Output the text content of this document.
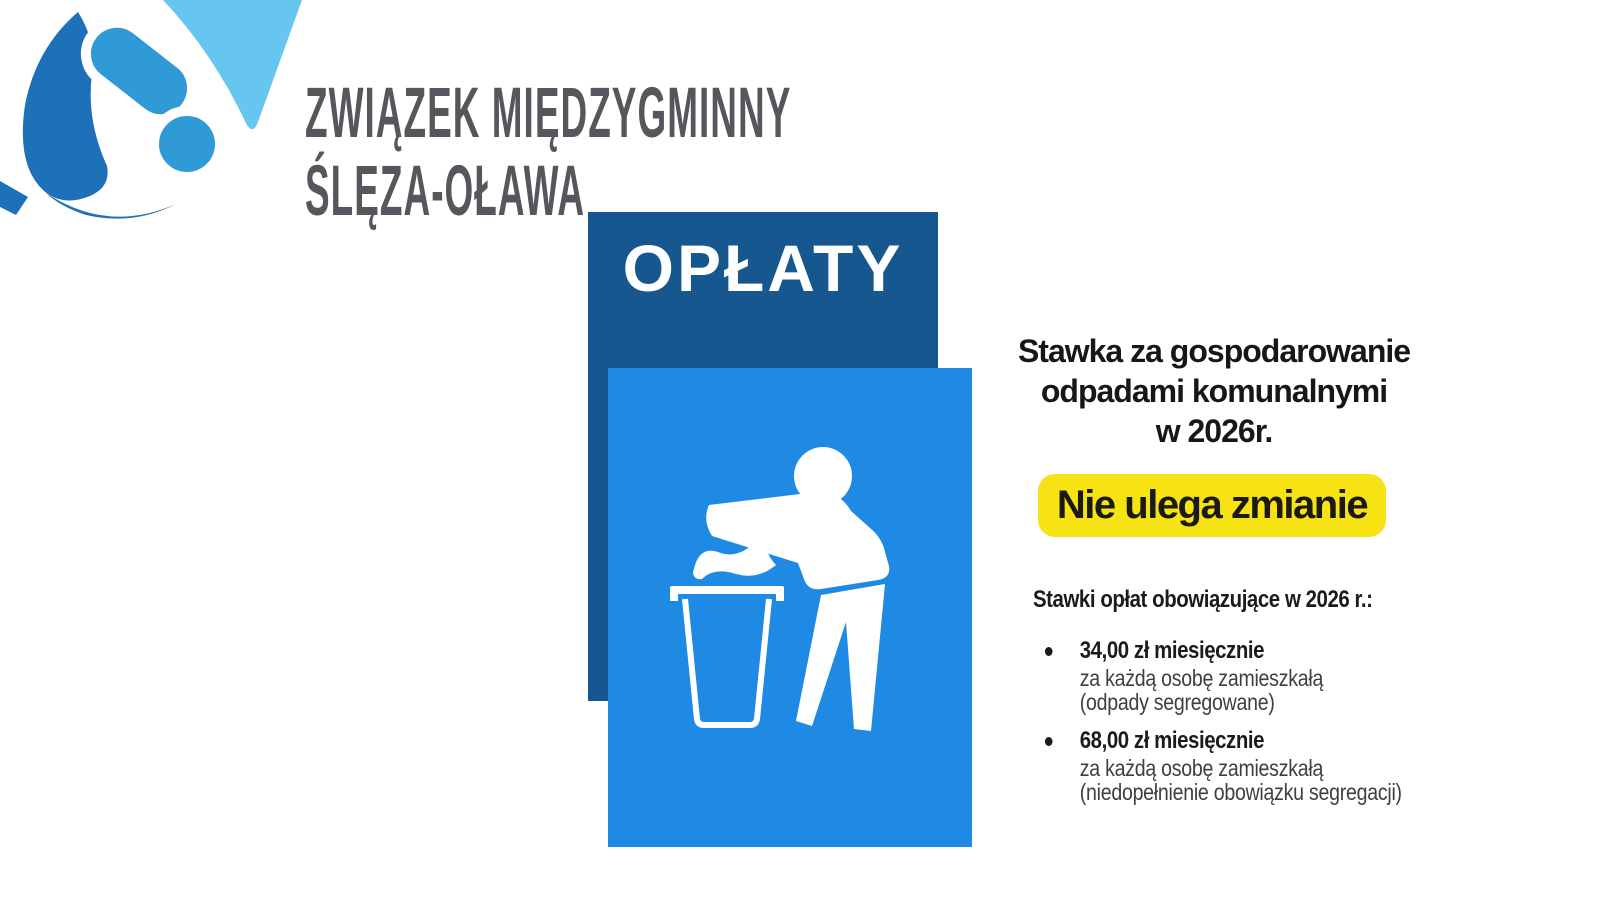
ZWIĄZEK MIĘDZYGMINNY
ŚLĘZA-OŁAWA
OPŁATY
Stawka za gospodarowanie
odpadami komunalnymi
w 2026r.
Nie ulega zmianie
Stawki opłat obowiązujące w 2026 r.:
34,00 zł miesięcznie
za każdą osobę zamieszkałą
(odpady segregowane)
68,00 zł miesięcznie
za każdą osobę zamieszkałą
(niedopełnienie obowiązku segregacji)
